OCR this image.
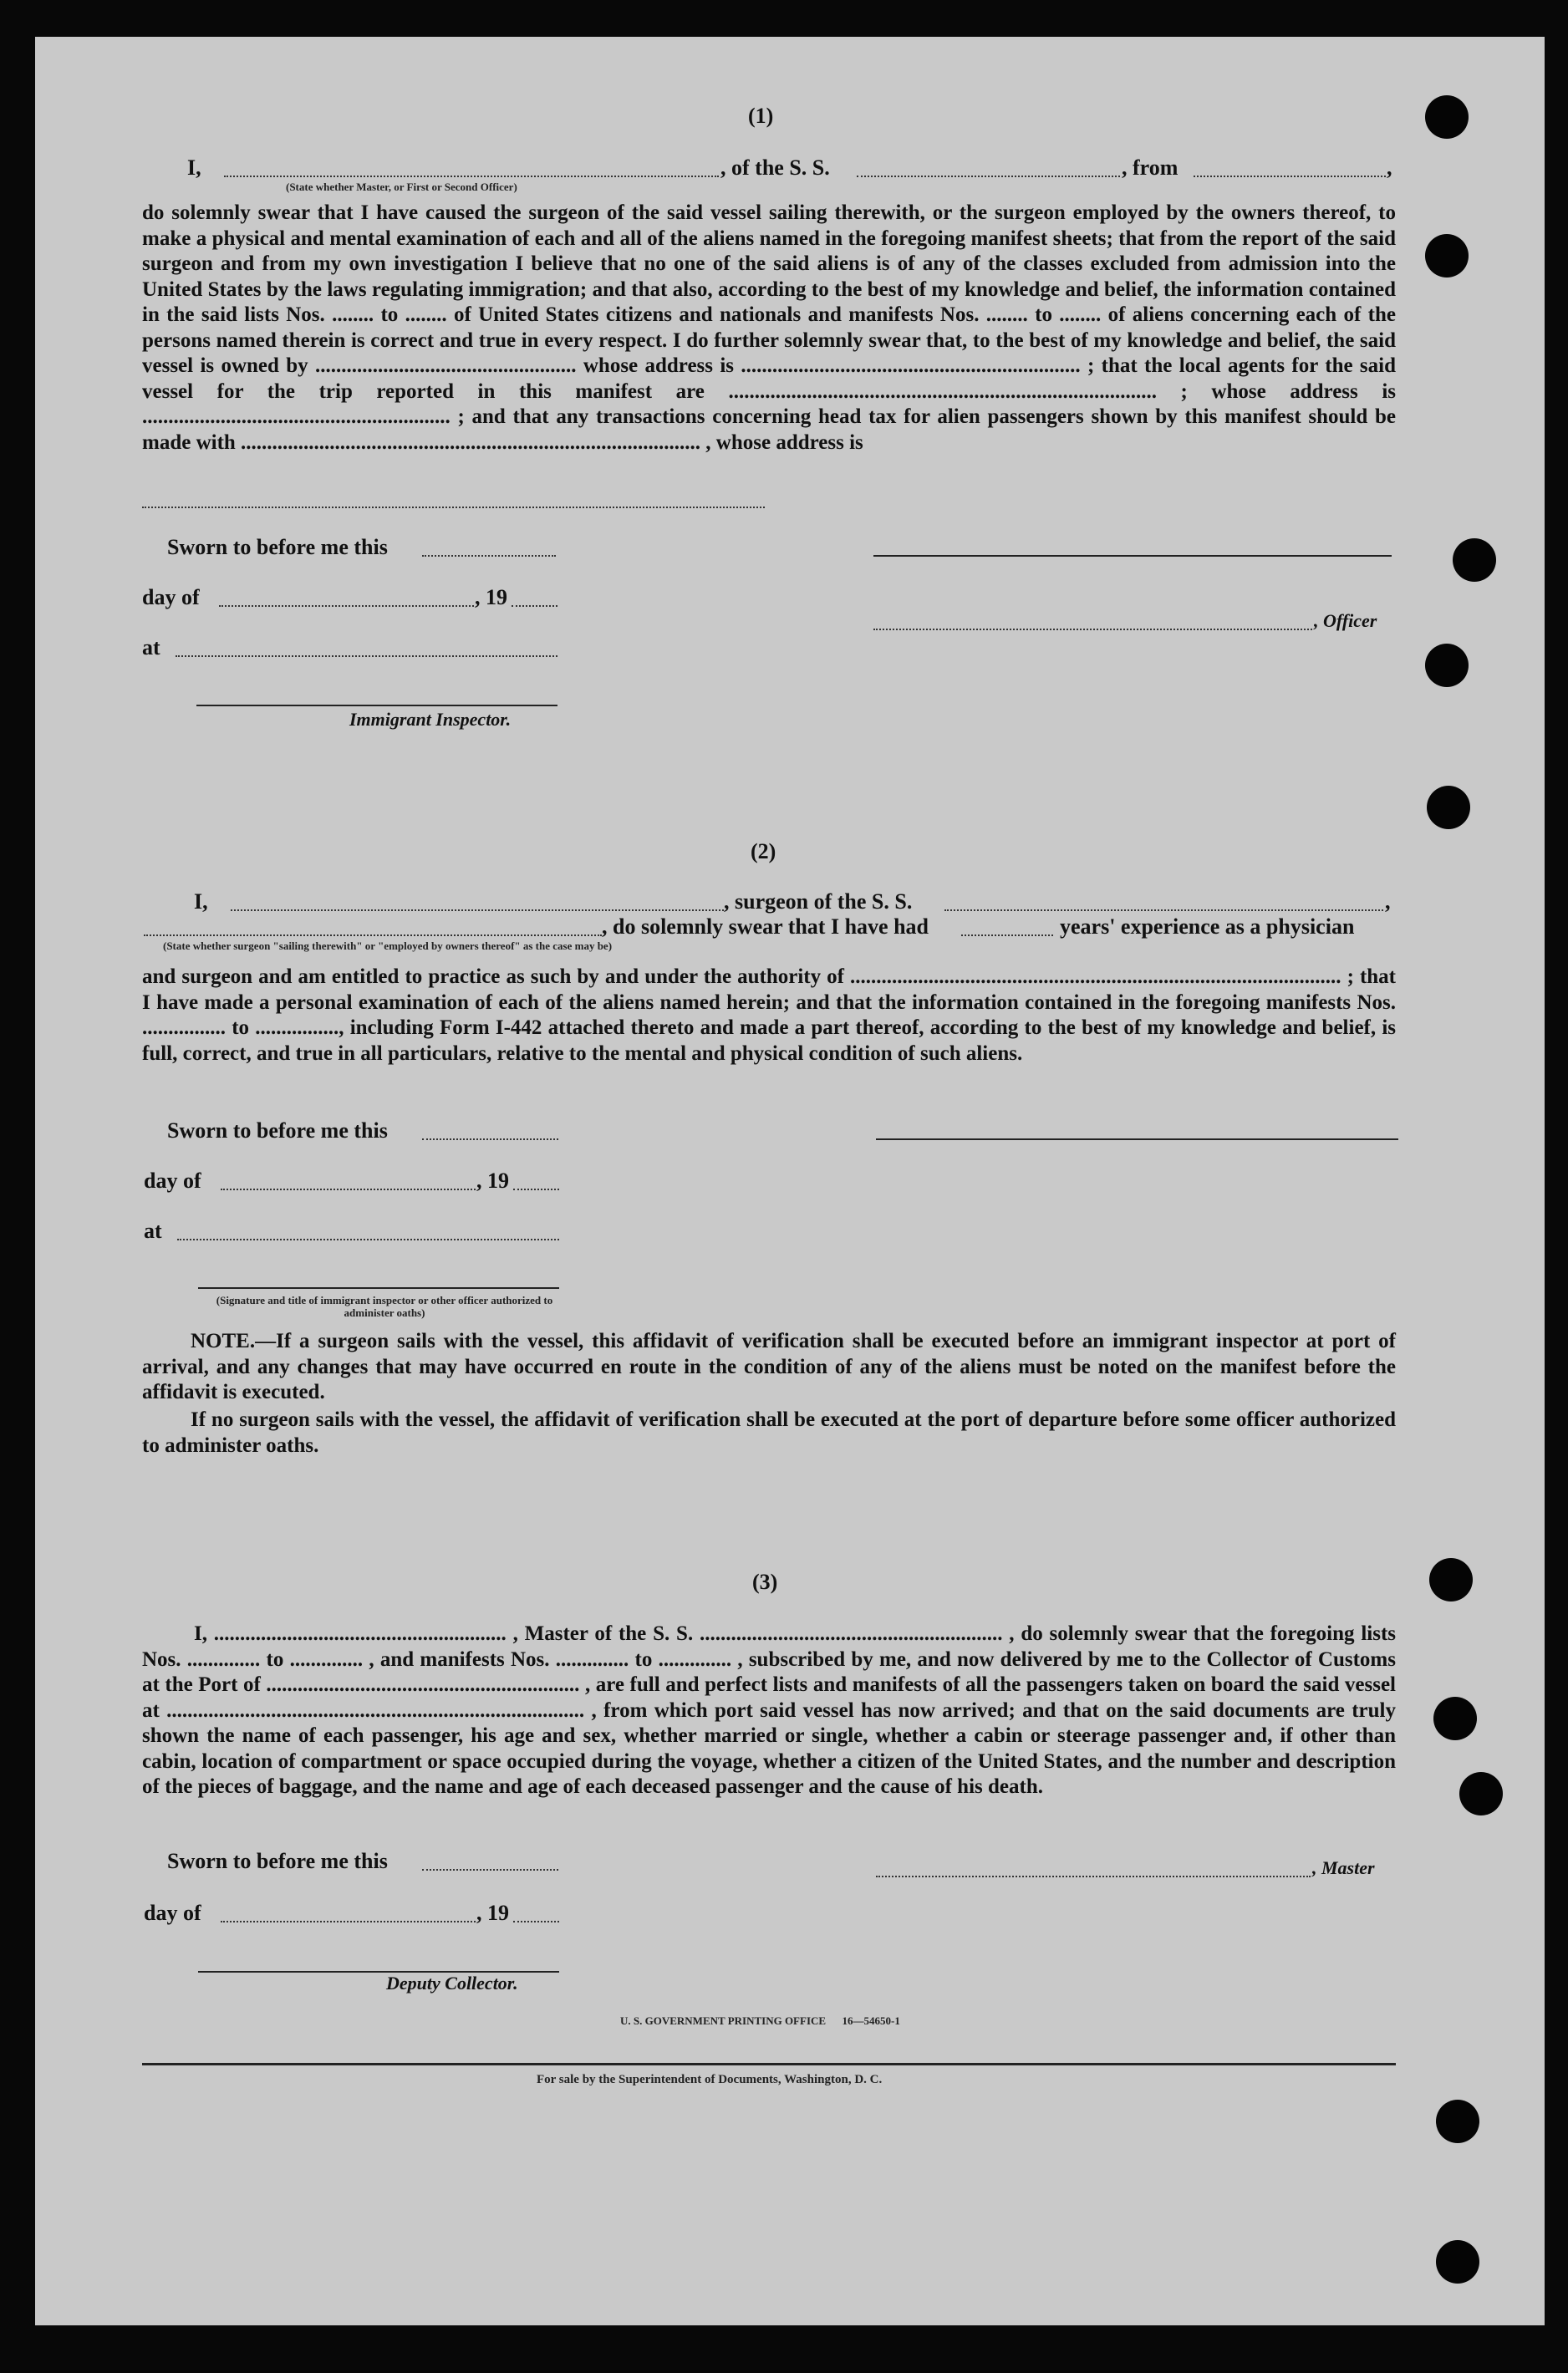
(1)
I,	, of the S. S.	, from	,
(State whether Master, or First or Second Officer)
do solemnly swear that I have caused the surgeon of the said vessel sailing therewith, or the surgeon employed by the owners thereof, to make a physical and mental examination of each and all of the aliens named in the foregoing manifest sheets; that from the report of the said surgeon and from my own investigation I believe that no one of the said aliens is of any of the classes excluded from admission into the United States by the laws regulating immigration; and that also, according to the best of my knowledge and belief, the information contained in the said lists Nos. ........ to ........ of United States citizens and nationals and manifests Nos. ........ to ........ of aliens concerning each of the persons named therein is correct and true in every respect. I do further solemnly swear that, to the best of my knowledge and belief, the said vessel is owned by .................................................. whose address is ................................................................. ; that the local agents for the said vessel for the trip reported in this manifest are .................................................................................. ; whose address is ........................................................... ; and that any transactions concerning head tax for alien passengers shown by this manifest should be made with ........................................................................................ , whose address is
Sworn to before me this
day of	, 19
, Officer
at
Immigrant Inspector.
(2)
I,	, surgeon of the S. S.	,
, do solemnly swear that I have had	years' experience as a physician
(State whether surgeon "sailing therewith" or "employed by owners thereof" as the case may be)
and surgeon and am entitled to practice as such by and under the authority of .............................................................................................. ; that I have made a personal examination of each of the aliens named herein; and that the information contained in the foregoing manifests Nos. ................ to ................, including Form I-442 attached thereto and made a part thereof, according to the best of my knowledge and belief, is full, correct, and true in all particulars, relative to the mental and physical condition of such aliens.
Sworn to before me this
day of	, 19
at
(Signature and title of immigrant inspector or other officer authorized to administer oaths)
NOTE.—If a surgeon sails with the vessel, this affidavit of verification shall be executed before an immigrant inspector at port of arrival, and any changes that may have occurred en route in the condition of any of the aliens must be noted on the manifest before the affidavit is executed.
If no surgeon sails with the vessel, the affidavit of verification shall be executed at the port of departure before some officer authorized to administer oaths.
(3)
I, ........................................................ , Master of the S. S. .......................................................... , do solemnly swear that the foregoing lists Nos. .............. to .............. , and manifests Nos. .............. to .............. , subscribed by me, and now delivered by me to the Collector of Customs at the Port of ............................................................ , are full and perfect lists and manifests of all the passengers taken on board the said vessel at ................................................................................ , from which port said vessel has now arrived; and that on the said documents are truly shown the name of each passenger, his age and sex, whether married or single, whether a cabin or steerage passenger and, if other than cabin, location of compartment or space occupied during the voyage, whether a citizen of the United States, and the number and description of the pieces of baggage, and the name and age of each deceased passenger and the cause of his death.
Sworn to before me this	, Master
day of	, 19
Deputy Collector.
U. S. GOVERNMENT PRINTING OFFICE      16—54650-1
For sale by the Superintendent of Documents, Washington, D. C.
